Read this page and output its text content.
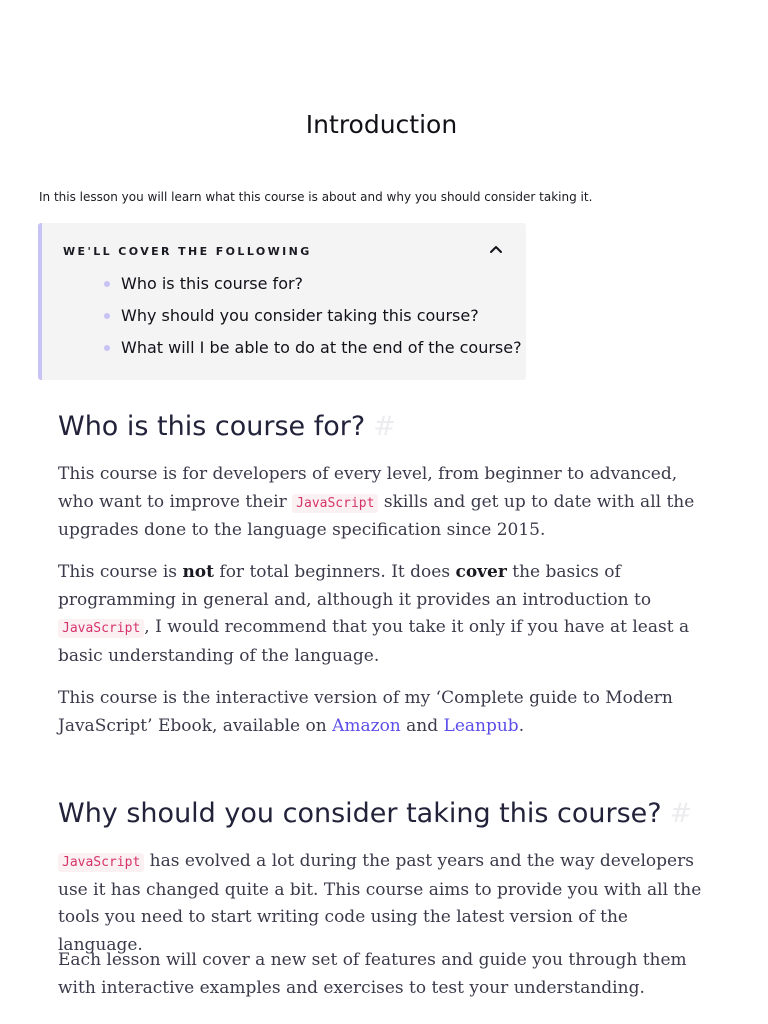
Introduction

In this lesson you will learn what this course is about and why you should consider taking it.

WE'LL COVER THE FOLLOWING
Who is this course for?
Why should you consider taking this course?
What will I be able to do at the end of the course?
Who is this course for? #

This course is for developers of every level, from beginner to advanced, who want to improve their JavaScript skills and get up to date with all the upgrades done to the language specification since 2015.

This course is not for total beginners. It does cover the basics of programming in general and, although it provides an introduction to JavaScript , I would recommend that you take it only if you have at least a basic understanding of the language.

This course is the interactive version of my ‘Complete guide to Modern JavaScript’ Ebook, available on Amazon and Leanpub.

Why should you consider taking this course? #

JavaScript has evolved a lot during the past years and the way developers use it has changed quite a bit. This course aims to provide you with all the tools you need to start writing code using the latest version of the language.

Each lesson will cover a new set of features and guide you through them with interactive examples and exercises to test your understanding.
